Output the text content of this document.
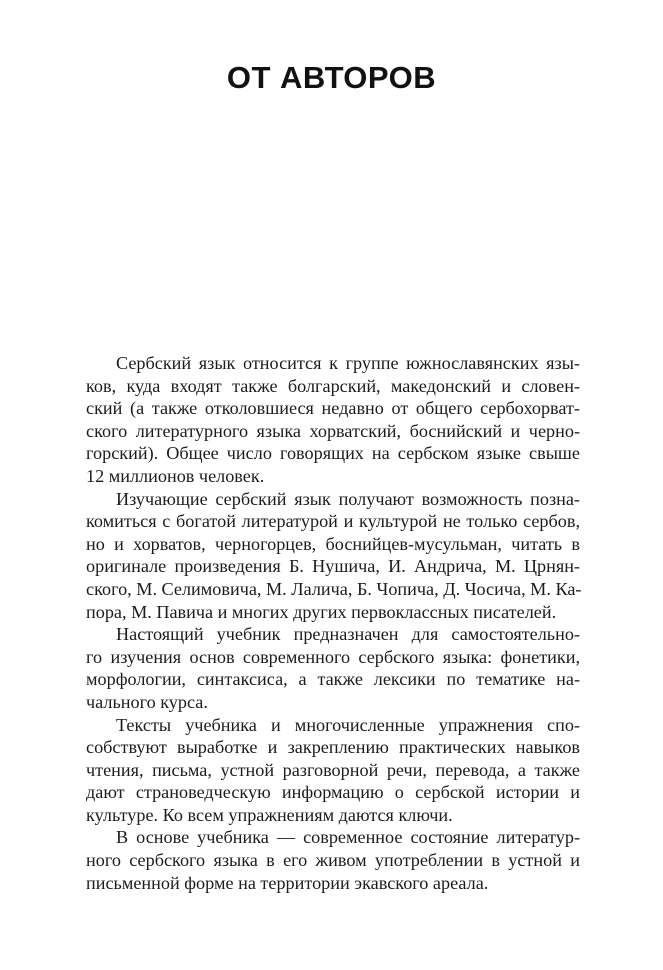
ОТ АВТОРОВ
Сербский язык относится к группе южнославянских язы-
ков, куда входят также болгарский, македонский и словен-
ский (а также отколовшиеся недавно от общего сербохорват-
ского литературного языка хорватский, боснийский и черно-
горский). Общее число говорящих на сербском языке свыше
12 миллионов человек.
Изучающие сербский язык получают возможность позна-
комиться с богатой литературой и культурой не только сербов,
но и хорватов, черногорцев, боснийцев-мусульман, читать в
оригинале произведения Б. Нушича, И. Андрича, М. Црнян-
ского, М. Селимовича, М. Лалича, Б. Чопича, Д. Чосича, М. Ка-
пора, М. Павича и многих других первоклассных писателей.
Настоящий учебник предназначен для самостоятельно-
го изучения основ современного сербского языка: фонетики,
морфологии, синтаксиса, а также лексики по тематике на-
чального курса.
Тексты учебника и многочисленные упражнения спо-
собствуют выработке и закреплению практических навыков
чтения, письма, устной разговорной речи, перевода, а также
дают страноведческую информацию о сербской истории и
культуре. Ко всем упражнениям даются ключи.
В основе учебника — современное состояние литератур-
ного сербского языка в его живом употреблении в устной и
письменной форме на территории экавского ареала.
